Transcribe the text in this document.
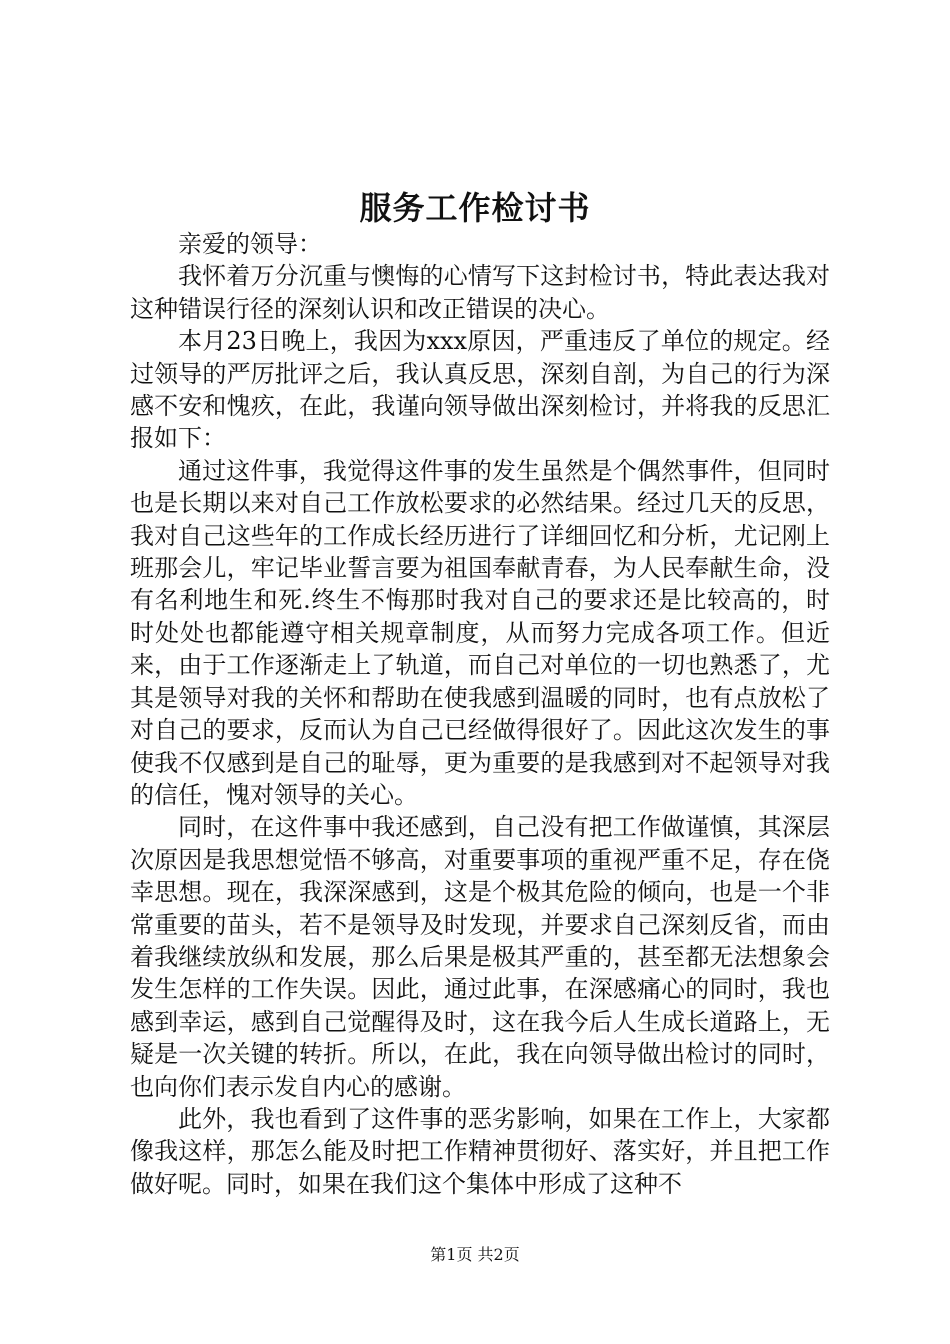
服务工作检讨书

亲爱的领导：

我怀着万分沉重与懊悔的心情写下这封检讨书，特此表达我对这种错误行径的深刻认识和改正错误的决心。

本月23日晚上，我因为xxx原因，严重违反了单位的规定。经过领导的严厉批评之后，我认真反思，深刻自剖，为自己的行为深感不安和愧疚，在此，我谨向领导做出深刻检讨，并将我的反思汇报如下：

通过这件事，我觉得这件事的发生虽然是个偶然事件，但同时也是长期以来对自己工作放松要求的必然结果。经过几天的反思，我对自己这些年的工作成长经历进行了详细回忆和分析，尤记刚上班那会儿，牢记毕业誓言要为祖国奉献青春，为人民奉献生命，没有名利地生和死.终生不悔那时我对自己的要求还是比较高的，时时处处也都能遵守相关规章制度，从而努力完成各项工作。但近来，由于工作逐渐走上了轨道，而自己对单位的一切也熟悉了，尤其是领导对我的关怀和帮助在使我感到温暖的同时，也有点放松了对自己的要求，反而认为自己已经做得很好了。因此这次发生的事使我不仅感到是自己的耻辱，更为重要的是我感到对不起领导对我的信任，愧对领导的关心。

同时，在这件事中我还感到，自己没有把工作做谨慎，其深层次原因是我思想觉悟不够高，对重要事项的重视严重不足，存在侥幸思想。现在，我深深感到，这是个极其危险的倾向，也是一个非常重要的苗头，若不是领导及时发现，并要求自己深刻反省，而由着我继续放纵和发展，那么后果是极其严重的，甚至都无法想象会发生怎样的工作失误。因此，通过此事，在深感痛心的同时，我也感到幸运，感到自己觉醒得及时，这在我今后人生成长道路上，无疑是一次关键的转折。所以，在此，我在向领导做出检讨的同时，也向你们表示发自内心的感谢。

此外，我也看到了这件事的恶劣影响，如果在工作上，大家都像我这样，那怎么能及时把工作精神贯彻好、落实好，并且把工作做好呢。同时，如果在我们这个集体中形成了这种不

第1页 共2页
